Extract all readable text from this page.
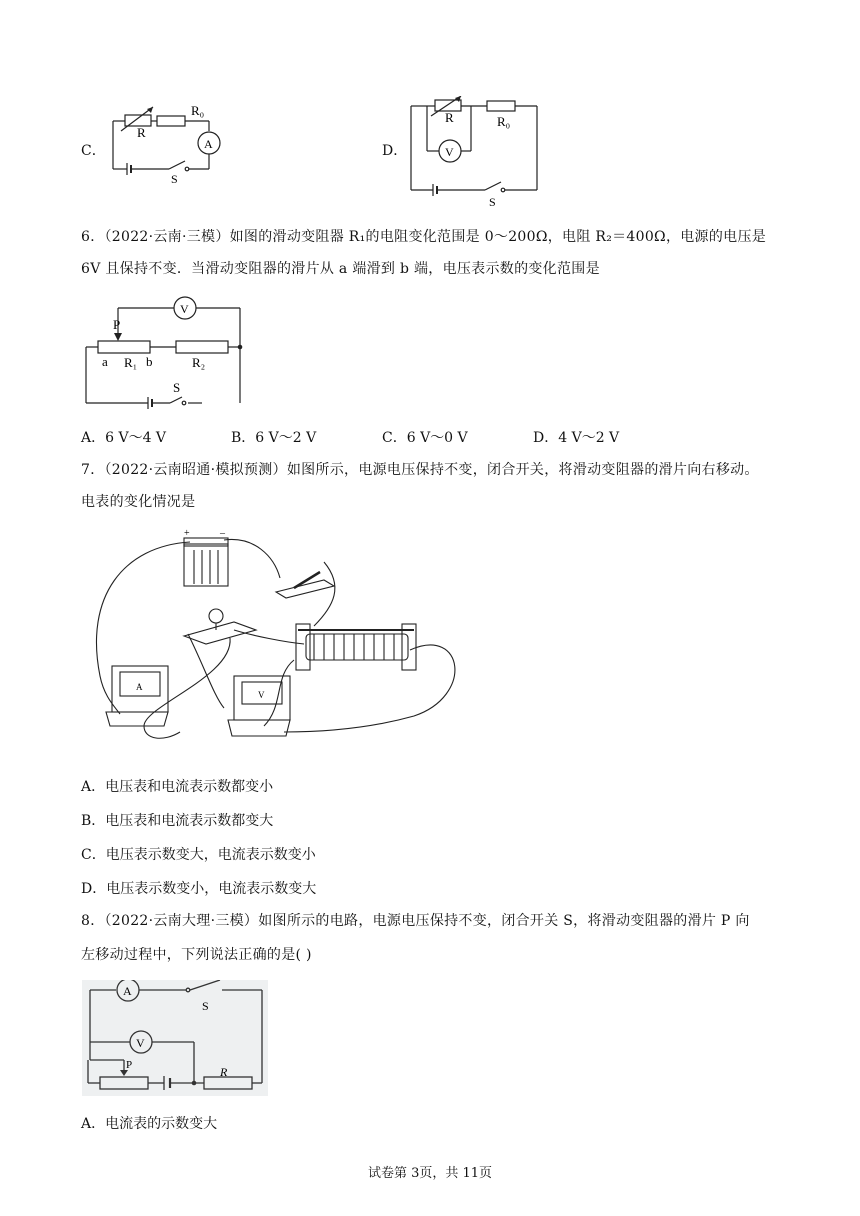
C．
R
R₀
A
S
D．
R	R₀
V
S
6．（2022·云南·三模）如图的滑动变阻器 R₁的电阻变化范围是 0～200Ω，电阻 R₂＝400Ω，电源的电压是
6V 且保持不变．当滑动变阻器的滑片从 a 端滑到 b 端，电压表示数的变化范围是
P
V
a R₁ b	R₂
S
A．6 V～4 V	B．6 V～2 V	C．6 V～0 V	D．4 V～2 V
7．（2022·云南昭通·模拟预测）如图所示，电源电压保持不变，闭合开关，将滑动变阻器的滑片向右移动。
电表的变化情况是
+	–
A
V
A．电压表和电流表示数都变小
B．电压表和电流表示数都变大
C．电压表示数变大，电流表示数变小
D．电压表示数变小，电流表示数变大
8．（2022·云南大理·三模）如图所示的电路，电源电压保持不变，闭合开关 S，将滑动变阻器的滑片 P 向
左移动过程中，下列说法正确的是( )
A
V
S
P	R
A．电流表的示数变大
试卷第 3页，共 11页
